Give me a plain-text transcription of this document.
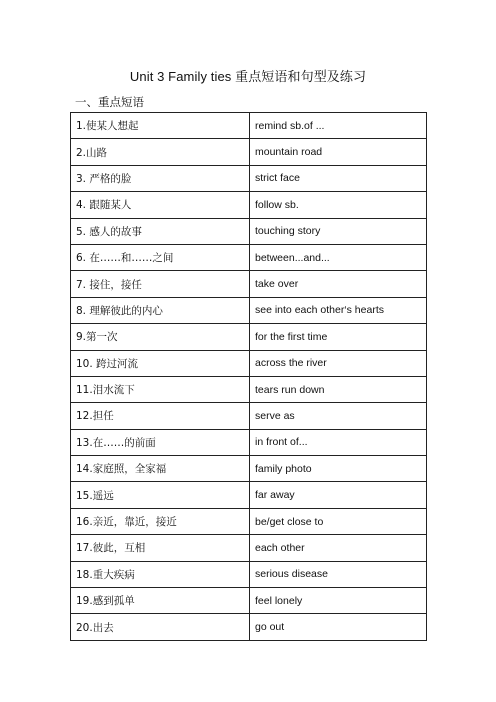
Unit 3 Family ties 重点短语和句型及练习
一、重点短语
1.使某人想起	remind sb.of ...
2.山路	mountain road
3. 严格的脸	strict face
4. 跟随某人	follow sb.
5. 感人的故事	touching story
6. 在……和……之间	between...and...
7. 接住，接任	take over
8. 理解彼此的内心	see into each other‘s hearts
9.第一次	for the first time
10. 跨过河流	across the river
11.泪水流下	tears run down
12.担任	serve as
13.在……的前面	in front of...
14.家庭照，全家福	family photo
15.遥远	far away
16.亲近，靠近，接近	be/get close to
17.彼此，互相	each other
18.重大疾病	serious disease
19.感到孤单	feel lonely
20.出去	go out
